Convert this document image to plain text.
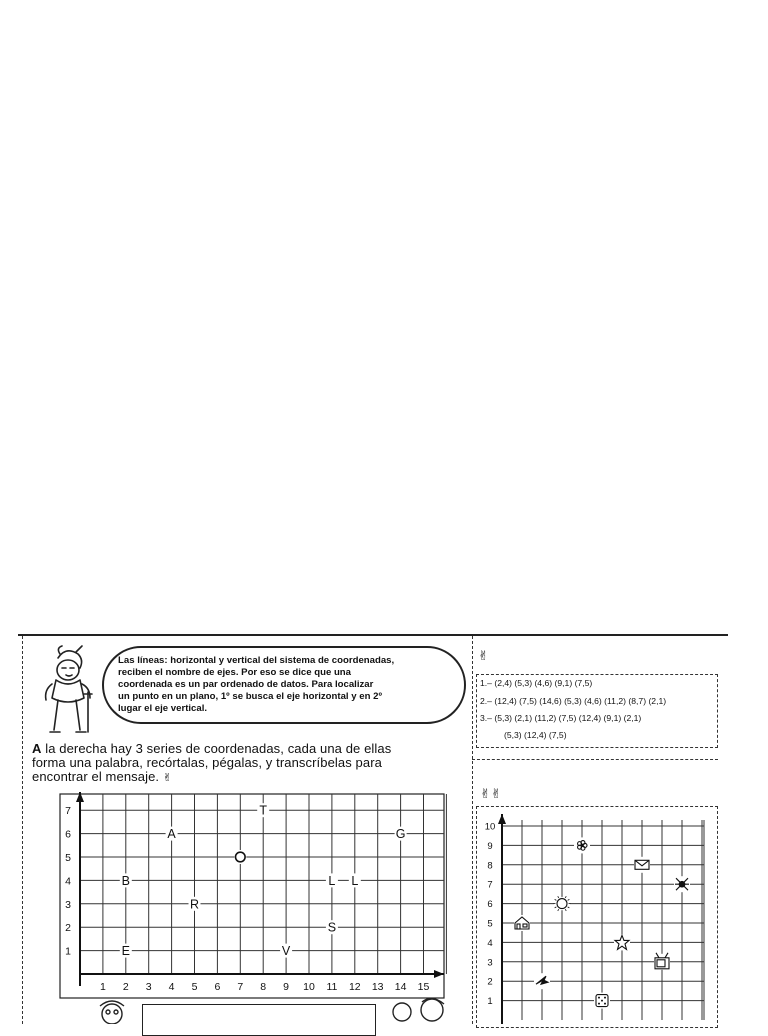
Las líneas: horizontal y vertical del sistema de coordenadas,
reciben el nombre de ejes. Por eso se dice que una
coordenada es un par ordenado de datos. Para localizar
un punto en un plano, 1º se busca el eje horizontal y en 2º
lugar el eje vertical.
A la derecha hay 3 series de coordenadas, cada una de ellas
forma una palabra, recórtalas, pégalas, y transcríbelas para
encontrar el mensaje. ✌
✌
1.– (2,4) (5,3) (4,6) (9,1) (7,5)
2.– (12,4) (7,5) (14,6) (5,3) (4,6) (11,2) (8,7) (2,1)
3.– (5,3) (2,1) (11,2) (7,5) (12,4) (9,1) (2,1)
(5,3) (12,4) (7,5)
✌✌
1 2 3 4 5 6 7 8 9 10 11 12 13 14 15
1
2
3
4
5
6
7	T
A	G
B	L L
R
S
E	V
1
2
3
4
5
6
7
8
9
10
